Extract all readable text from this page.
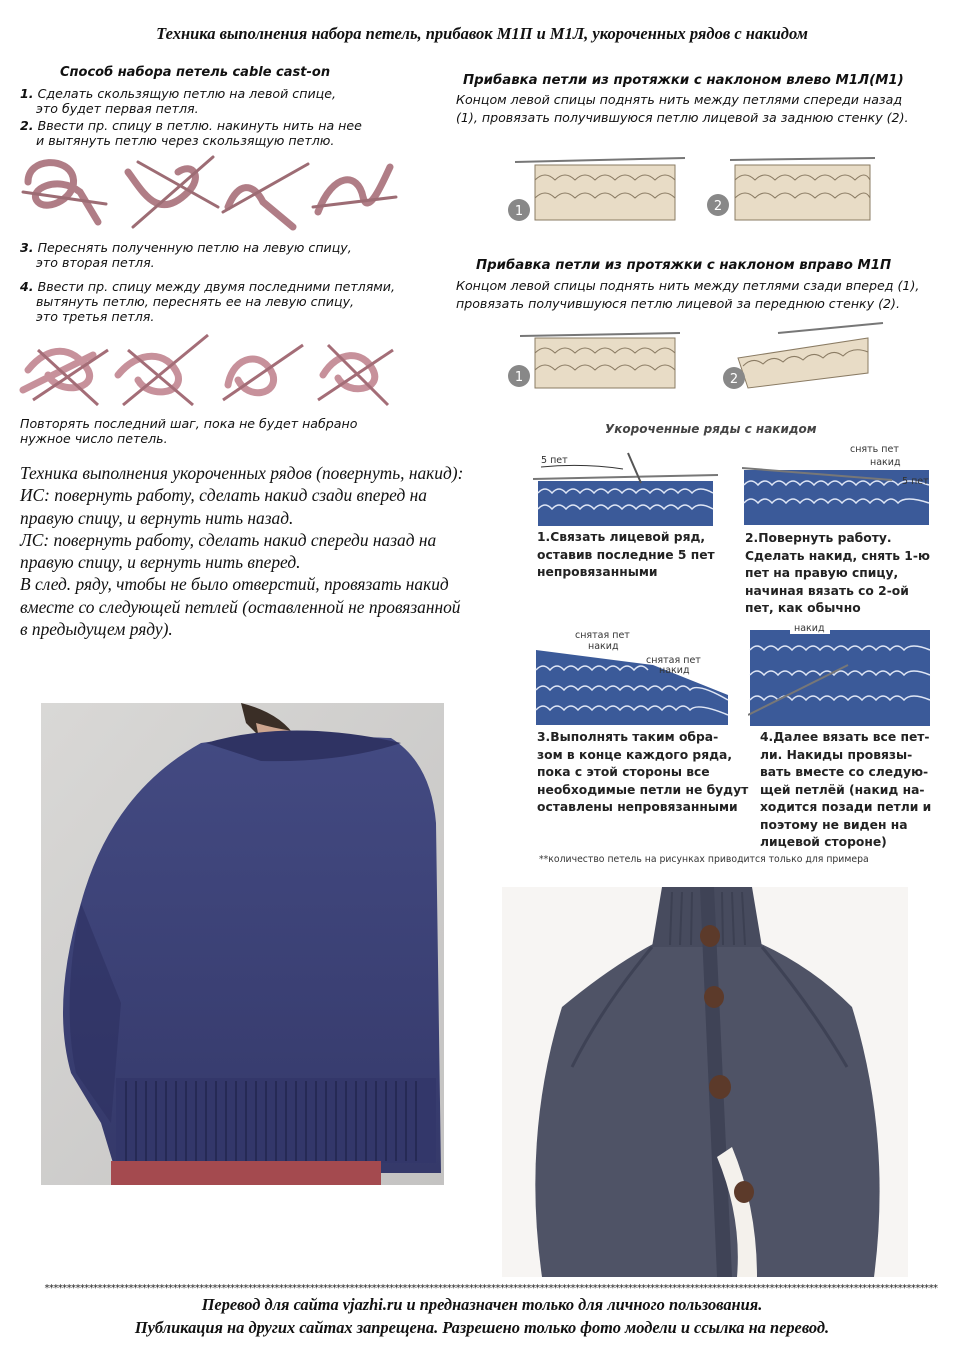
Техника выполнения набора петель, прибавок М1П и М1Л, укороченных рядов с накидом
Способ набора петель cable cast-on
1. Сделать скользящую петлю на левой спице,
это будет первая петля.
2. Ввести пр. спицу в петлю. накинуть нить на нее
и вытянуть петлю через скользящую петлю.
3. Переснять полученную петлю на левую спицу,
это вторая петля.
4. Ввести пр. спицу между двумя последними петлями,
вытянуть петлю, переснять ее на левую спицу,
это третья петля.
Повторять последний шаг, пока не будет набрано
нужное число петель.
Прибавка петли из протяжки с наклоном влево М1Л(М1)
Концом левой спицы поднять нить между петлями спереди назад
(1), провязать получившуюся петлю лицевой за заднюю стенку (2).
1	2
Прибавка петли из протяжки с наклоном вправо М1П
Концом левой спицы поднять нить между петлями сзади вперед (1),
провязать получившуюся петлю лицевой за переднюю стенку (2).
1	2
Техника выполнения укороченных рядов (повернуть, накид):
ИС: повернуть работу, сделать накид сзади вперед на
правую спицу, и вернуть нить назад.
ЛС: повернуть работу, сделать накид спереди назад на
правую спицу, и вернуть нить вперед.
В след. ряду, чтобы не было отверстий, провязать накид
вместе со следующей петлей (оставленной не провязанной
в предыдущем ряду).
Укороченные ряды с накидом
5 пет
1.Связать лицевой ряд,
оставив последние 5 пет
непровязанными
снять пет
накид
5 пет
2.Повернуть работу.
Сделать накид, снять 1-ю
пет на правую спицу,
начиная вязать со 2-ой
пет, как обычно
снятая пет
накид
снятая пет
накид
3.Выполнять таким обра-
зом в конце каждого ряда,
пока с этой стороны все
необходимые петли не будут
оставлены непровязанными
накид
4.Далее вязать все пет-
ли. Накиды провязы-
вать вместе со следую-
щей петлёй (накид на-
ходится позади петли и
поэтому не виден на
лицевой стороне)
**количество петель на рисунках приводится только для примера
**********************************************************************************************************************************************************************************************************
Перевод для сайта vjazhi.ru и предназначен только для личного пользования.
Публикация на других сайтах запрещена. Разрешено только фото модели и ссылка на перевод.
